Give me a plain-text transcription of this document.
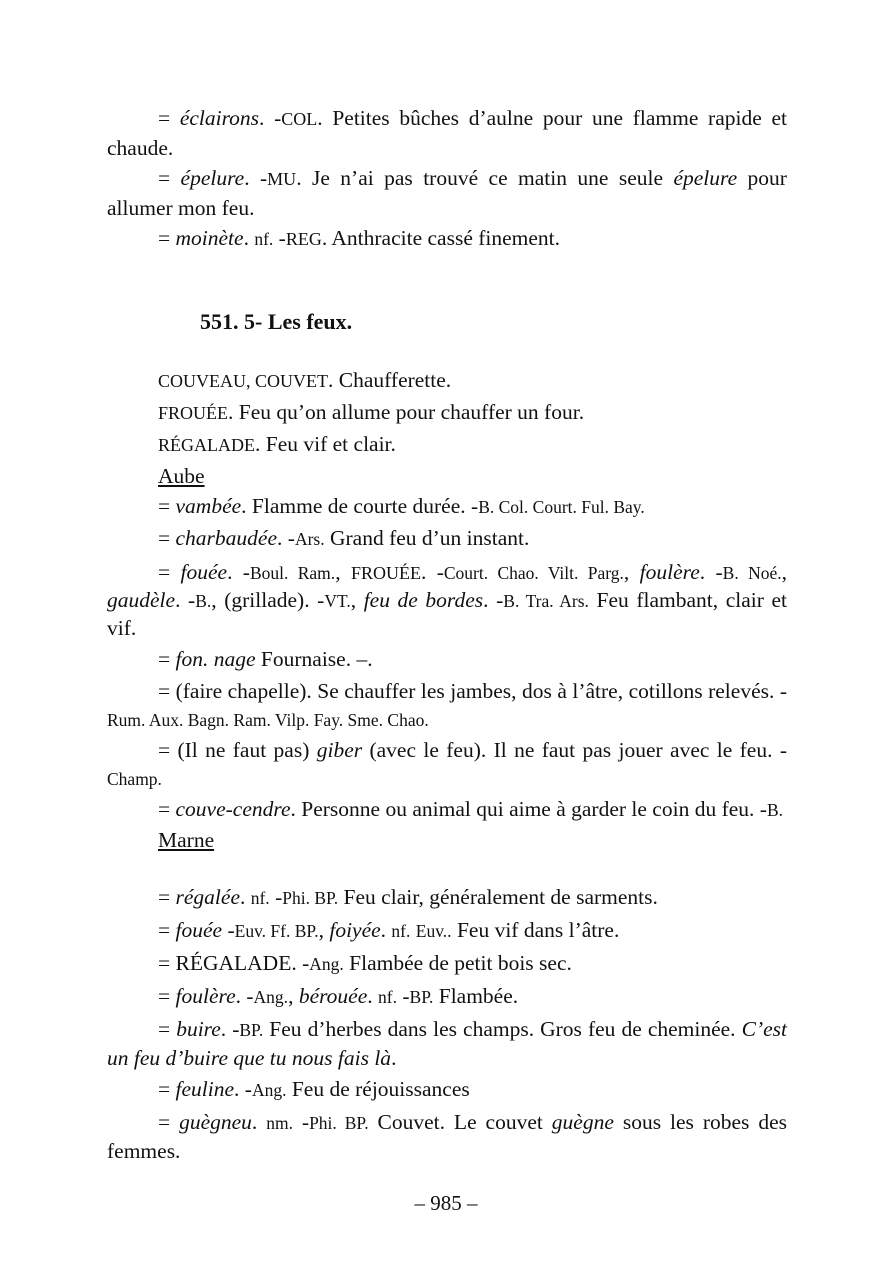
= éclairons. -COL. Petites bûches d’aulne pour une flamme rapide et chaude.

= épelure. -MU. Je n’ai pas trouvé ce matin une seule épelure pour allumer mon feu.

= moinète. nf. -REG. Anthracite cassé finement.

551. 5- Les feux.

COUVEAU, COUVET. Chaufferette.

FROUÉE. Feu qu’on allume pour chauffer un four.

RÉGALADE. Feu vif et clair.

Aube

= vambée. Flamme de courte durée. -B. Col. Court. Ful. Bay.

= charbaudée. -Ars. Grand feu d’un instant.

= fouée. -Boul. Ram., FROUÉE. -Court. Chao. Vilt. Parg., foulère. -B. Noé., gaudèle. -B., (grillade). -VT., feu de bordes. -B. Tra. Ars. Feu flambant, clair et vif.

= fon. nage Fournaise. –.

= (faire chapelle). Se chauffer les jambes, dos à l’âtre, cotillons relevés. -Rum. Aux. Bagn. Ram. Vilp. Fay. Sme. Chao.

= (Il ne faut pas) giber (avec le feu). Il ne faut pas jouer avec le feu. -Champ.

= couve-cendre. Personne ou animal qui aime à garder le coin du feu. -B.

Marne

= régalée. nf. -Phi. BP. Feu clair, généralement de sarments.

= fouée -Euv. Ff. BP., foiyée. nf. Euv.. Feu vif dans l’âtre.

= RÉGALADE. -Ang. Flambée de petit bois sec.

= foulère. -Ang., bérouée. nf. -BP. Flambée.

= buire. -BP. Feu d’herbes dans les champs. Gros feu de cheminée. C’est un feu d’buire que tu nous fais là.

= feuline. -Ang. Feu de réjouissances

= guègneu. nm. -Phi. BP. Couvet. Le couvet guègne sous les robes des femmes.

– 985 –
